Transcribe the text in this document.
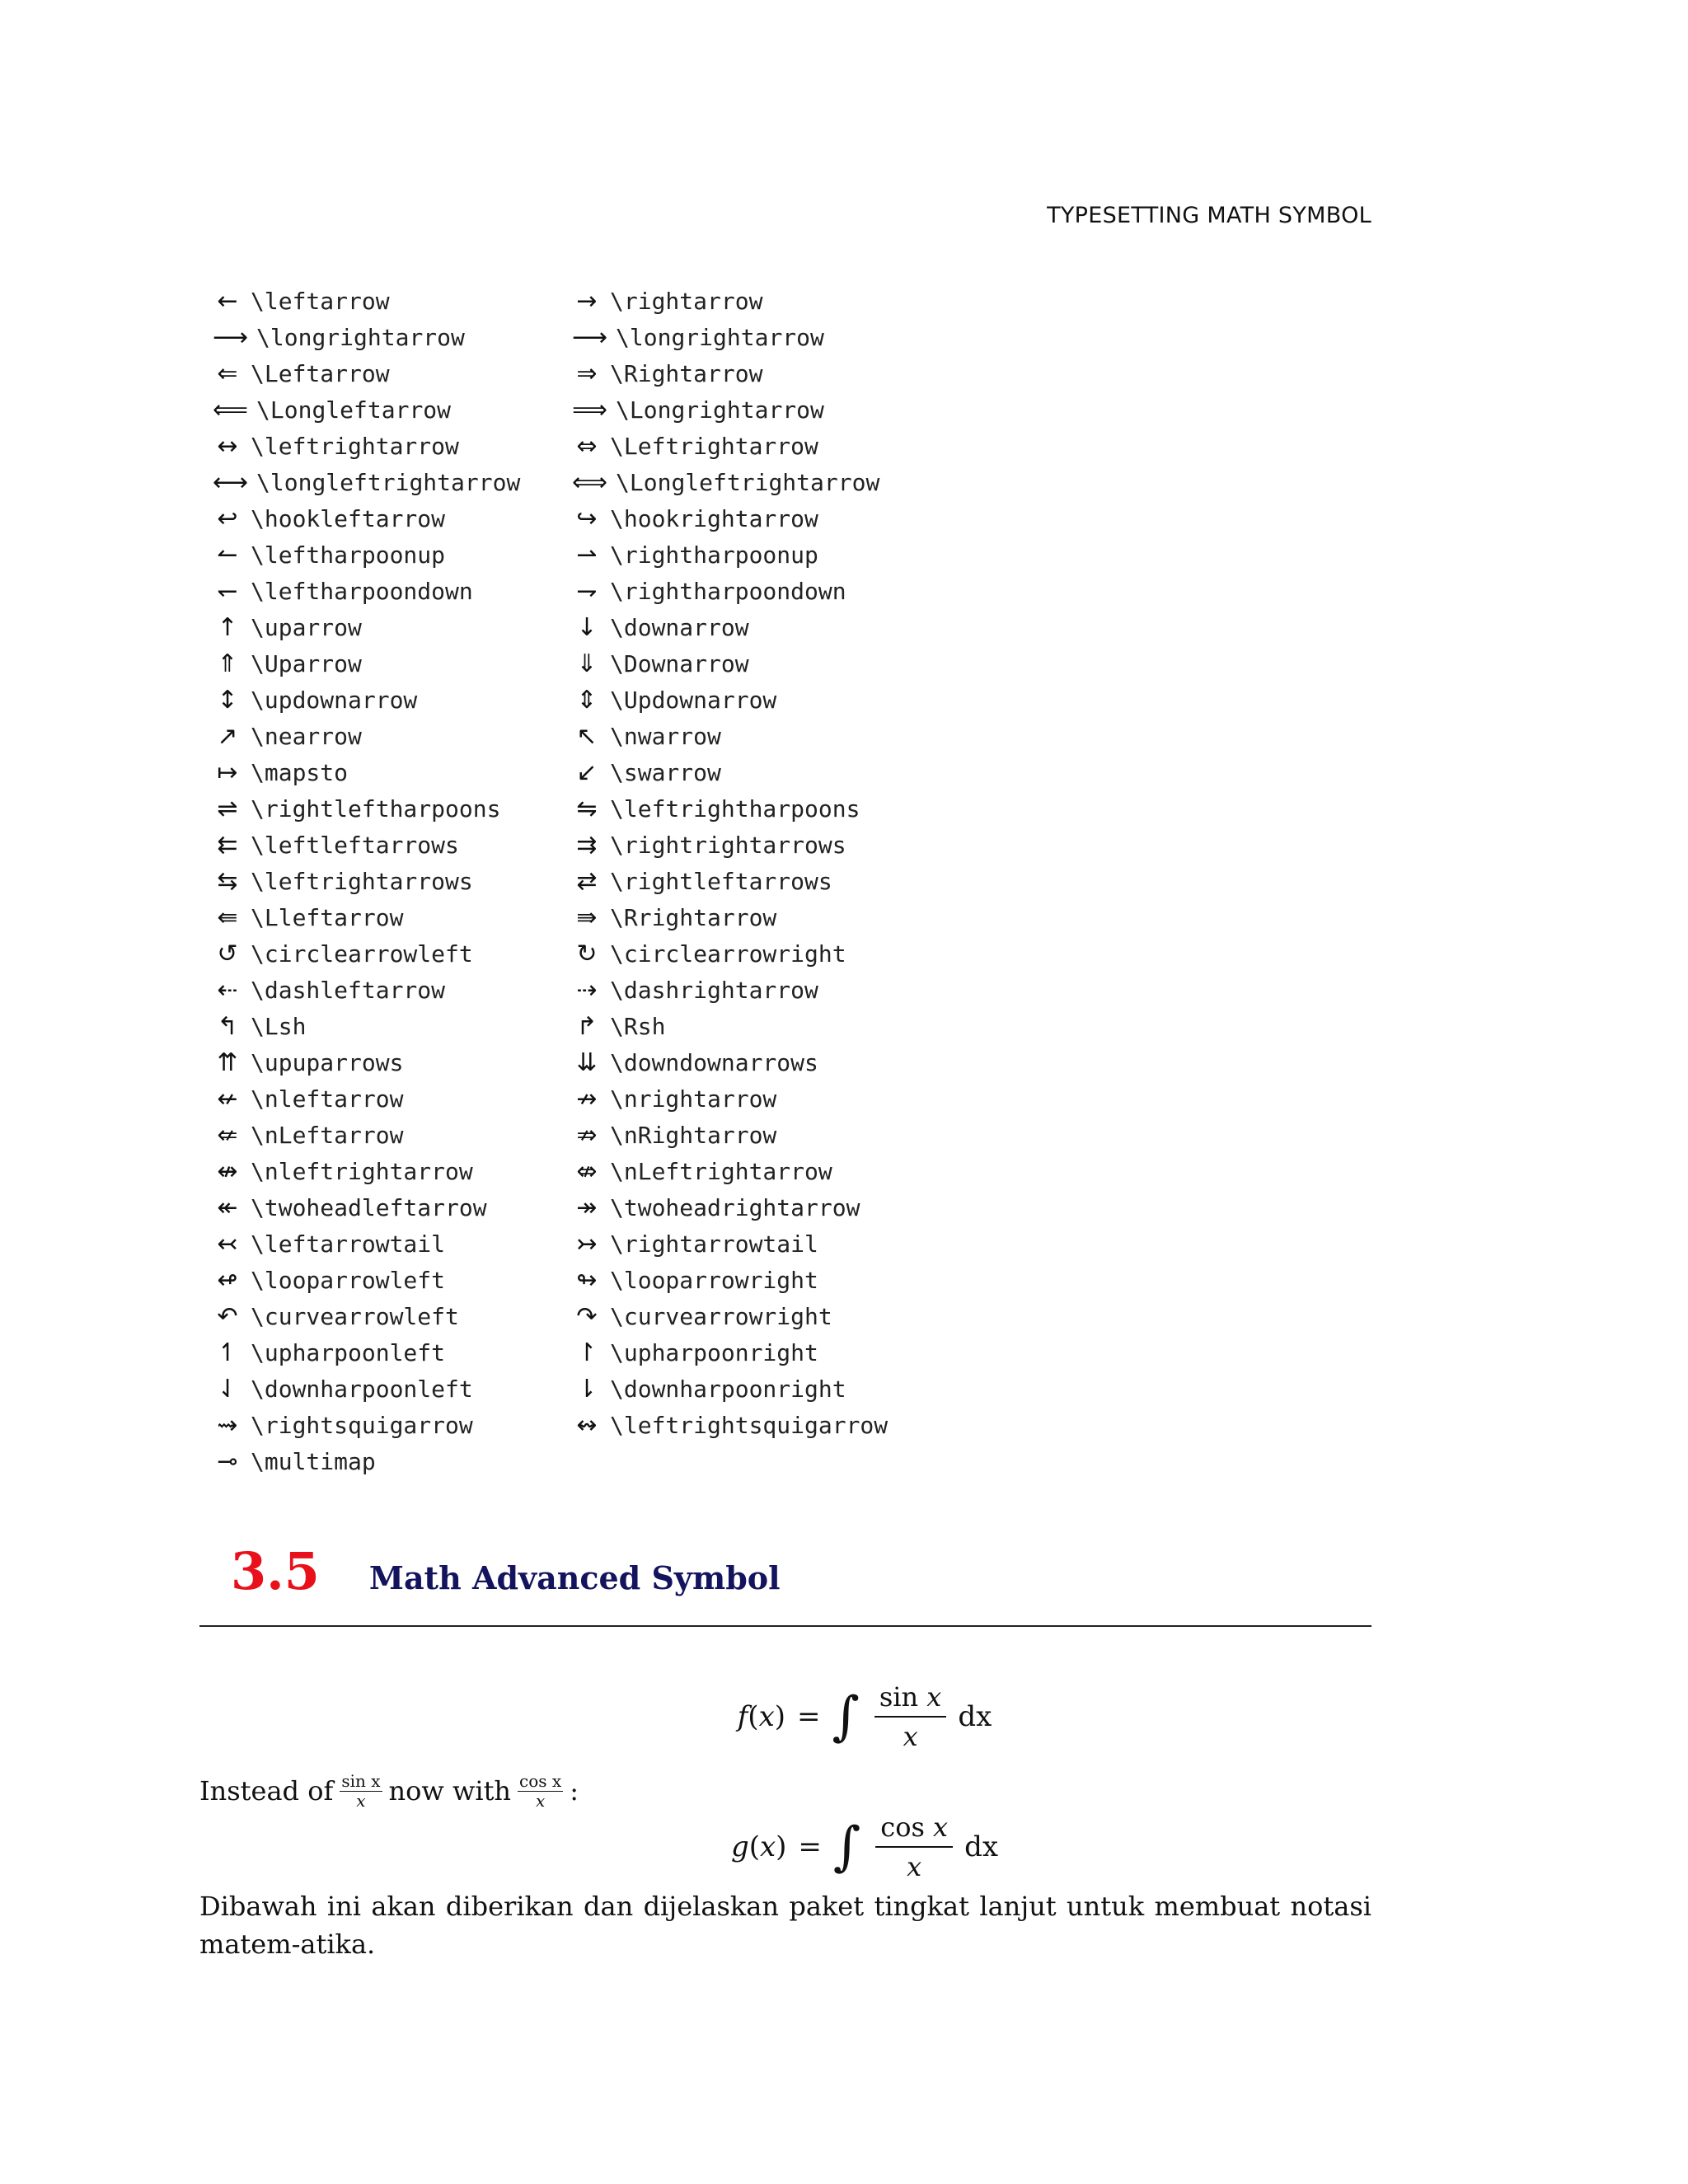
TYPESETTING MATH SYMBOL
← \leftarrow	→ \rightarrow
⟶ \longrightarrow	⟶ \longrightarrow
⇐ \Leftarrow	⇒ \Rightarrow
⟸ \Longleftarrow	⟹ \Longrightarrow
↔ \leftrightarrow	⇔ \Leftrightarrow
⟷ \longleftrightarrow ⟺ \Longleftrightarrow
↩ \hookleftarrow	↪ \hookrightarrow
↼ \leftharpoonup	⇀ \rightharpoonup
↽ \leftharpoondown	⇁ \rightharpoondown
↑ \uparrow	↓ \downarrow
⇑ \Uparrow	⇓ \Downarrow
↕ \updownarrow	⇕ \Updownarrow
↗ \nearrow	↖ \nwarrow
↦ \mapsto	↙ \swarrow
⇌ \rightleftharpoons	⇋ \leftrightharpoons
⇇ \leftleftarrows	⇉ \rightrightarrows
⇆ \leftrightarrows	⇄ \rightleftarrows
⇚ \Lleftarrow	⇛ \Rrightarrow
↺ \circlearrowleft	↻ \circlearrowright
⇠ \dashleftarrow	⇢ \dashrightarrow
↰ \Lsh	↱ \Rsh
⇈ \upuparrows	⇊ \downdownarrows
↚ \nleftarrow	↛ \nrightarrow
⇍ \nLeftarrow	⇏ \nRightarrow
↮ \nleftrightarrow	⇎ \nLeftrightarrow
↞ \twoheadleftarrow	↠ \twoheadrightarrow
↢ \leftarrowtail	↣ \rightarrowtail
↫ \looparrowleft	↬ \looparrowright
↶ \curvearrowleft	↷ \curvearrowright
↿ \upharpoonleft	↾ \upharpoonright
⇃ \downharpoonleft	⇂ \downharpoonright
⇝ \rightsquigarrow	↭ \leftrightsquigarrow
⊸ \multimap
3.5 Math Advanced Symbol
f(x) = ∫ $\frac{\text{sin x}}{x}$ dx
Instead of $\frac{\text{sin x}}{x}$ now with $\frac{\text{cos x}}{x}$ :
g(x) = ∫ $\frac{\text{cos x}}{x}$ dx
Dibawah ini akan diberikan dan dijelaskan paket tingkat lanjut untuk membuat notasi matem-atika.
